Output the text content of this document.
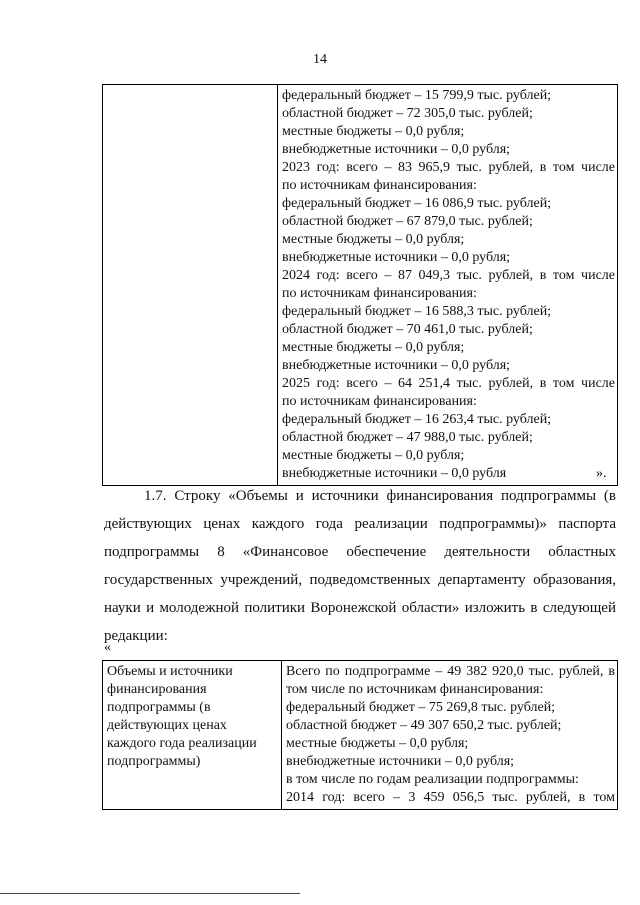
14

федеральный бюджет – 15 799,9 тыс. рублей;
областной бюджет – 72 305,0 тыс. рублей;
местные бюджеты – 0,0 рубля;
внебюджетные источники – 0,0 рубля;
2023 год: всего – 83 965,9 тыс. рублей, в том числе
по источникам финансирования:
федеральный бюджет – 16 086,9 тыс. рублей;
областной бюджет – 67 879,0 тыс. рублей;
местные бюджеты – 0,0 рубля;
внебюджетные источники – 0,0 рубля;
2024 год: всего – 87 049,3 тыс. рублей, в том числе
по источникам финансирования:
федеральный бюджет – 16 588,3 тыс. рублей;
областной бюджет – 70 461,0 тыс. рублей;
местные бюджеты – 0,0 рубля;
внебюджетные источники – 0,0 рубля;
2025 год: всего – 64 251,4 тыс. рублей, в том числе
по источникам финансирования:
федеральный бюджет – 16 263,4 тыс. рублей;
областной бюджет – 47 988,0 тыс. рублей;
местные бюджеты – 0,0 рубля;
внебюджетные источники – 0,0 рубля	».
1.7. Строку «Объемы и источники финансирования подпрограммы (в
действующих ценах каждого года реализации подпрограммы)» паспорта
подпрограммы 8 «Финансовое обеспечение деятельности областных
государственных учреждений, подведомственных департаменту образования,
науки и молодежной политики Воронежской области» изложить в следующей
редакции:
«
Объемы и источники
финансирования
подпрограммы (в
действующих ценах
каждого года реализации
подпрограммы)

Всего по подпрограмме – 49 382 920,0 тыс. рублей, в
том числе по источникам финансирования:
федеральный бюджет – 75 269,8 тыс. рублей;
областной бюджет – 49 307 650,2 тыс. рублей;
местные бюджеты – 0,0 рубля;
внебюджетные источники – 0,0 рубля;
в том числе по годам реализации подпрограммы:
2014 год: всего – 3 459 056,5 тыс. рублей, в том
